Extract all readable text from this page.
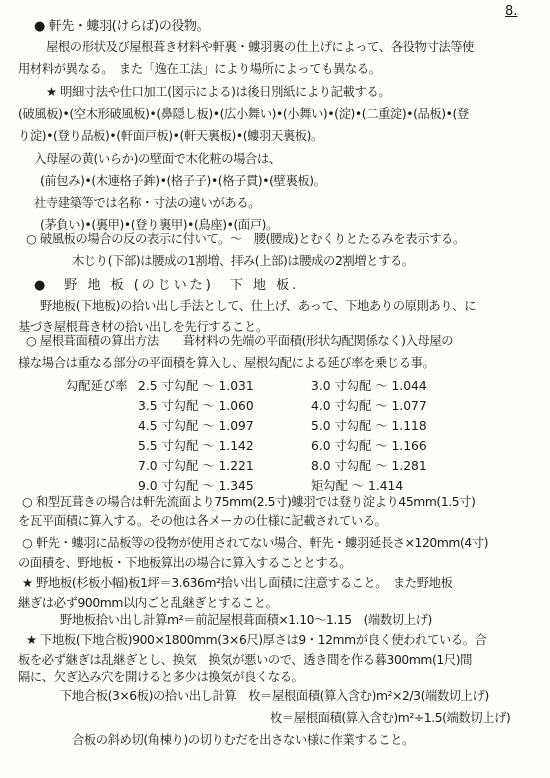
8.
● 軒先・螻羽(けらば)の役物。
屋根の形状及び屋根葺き材料や軒裏・螻羽裏の仕上げによって、各役物寸法等使
用材料が異なる。　また「逸在工法」により場所によっても異なる。
★ 明細寸法や仕口加工(図示による)は後日別紙により記載する。
(破風板)•(空木形破風板)•(鼻隠し板)•(広小舞い)•(小舞い)•(淀)•(二重淀)•(品板)•(登
り淀)•(登り品板)•(軒面戸板)•(軒天裏板)•(螻羽天裏板)。
入母屋の黄(いらか)の壁面で木化粧の場合は、
(前包み)•(木連格子鉾)•(格子子)•(格子貫)•(壁裏板)。
社寺建築等では名称・寸法の違いがある。
(茅負い)•(裏甲)•(登り裏甲)•(鳥座)•(面戸)。
○ 破風板の場合の反の表示に付いて。～　腰(腰成)とむくりとたるみを表示する。
木じり(下部)は腰成の1割増、拝み(上部)は腰成の2割増とする。
●　野 地 板 (のじいた)　下 地 板.
野地板(下地板)の拾い出し手法として、仕上げ、あって、下地ありの原則あり、に
基づき屋根葺き材の拾い出しを先行すること。
○ 屋根葺面積の算出方法　　葺材料の先端の平面積(形状勾配関係なく)入母屋の
様な場合は重なる部分の平面積を算入し、屋根勾配による延び率を乗じる事。
勾配延び率 2.5 寸勾配 ～ 1.031	3.0 寸勾配 ～ 1.044
3.5 寸勾配 ～ 1.060	4.0 寸勾配 ～ 1.077
4.5 寸勾配 ～ 1.097	5.0 寸勾配 ～ 1.118
5.5 寸勾配 ～ 1.142	6.0 寸勾配 ～ 1.166
7.0 寸勾配 ～ 1.221	8.0 寸勾配 ～ 1.281
9.0 寸勾配 ～ 1.345	矩勾配 ～ 1.414
○ 和型瓦葺きの場合は軒先流面より75mm(2.5寸)螻羽では登り淀より45mm(1.5寸)
を瓦平面積に算入する。その他は各メーカの仕様に記載されている。
○ 軒先・螻羽に品板等の役物が使用されてない場合、軒先・螻羽延長さ×120mm(4寸)
の面積を、野地板・下地板算出の場合に算入することとする。
★ 野地板(杉板小幅)板1坪＝3.636m²拾い出し面積に注意すること。　また野地板
継ぎは必ず900mm以内ごと乱継ぎとすること。
野地板拾い出し計算m²＝前記屋根葺面積×1.10～1.15　(端数切上げ)
★ 下地板(下地合板)900×1800mm(3×6尺)厚さは9・12mmが良く使われている。合
板を必ず継ぎは乱継ぎとし、换気　换気が悪いので、透き間を作る暮300mm(1尺)間
隔に、欠ぎ込み穴を開けると多少は換気が良くなる。
下地合板(3×6板)の拾い出し計算　枚＝屋根面積(算入含む)m²×2/3(端数切上げ)
枚＝屋根面積(算入含む)m²÷1.5(端数切上げ)
合板の斜め切(角棟り)の切りむだを出さない様に作業すること。
